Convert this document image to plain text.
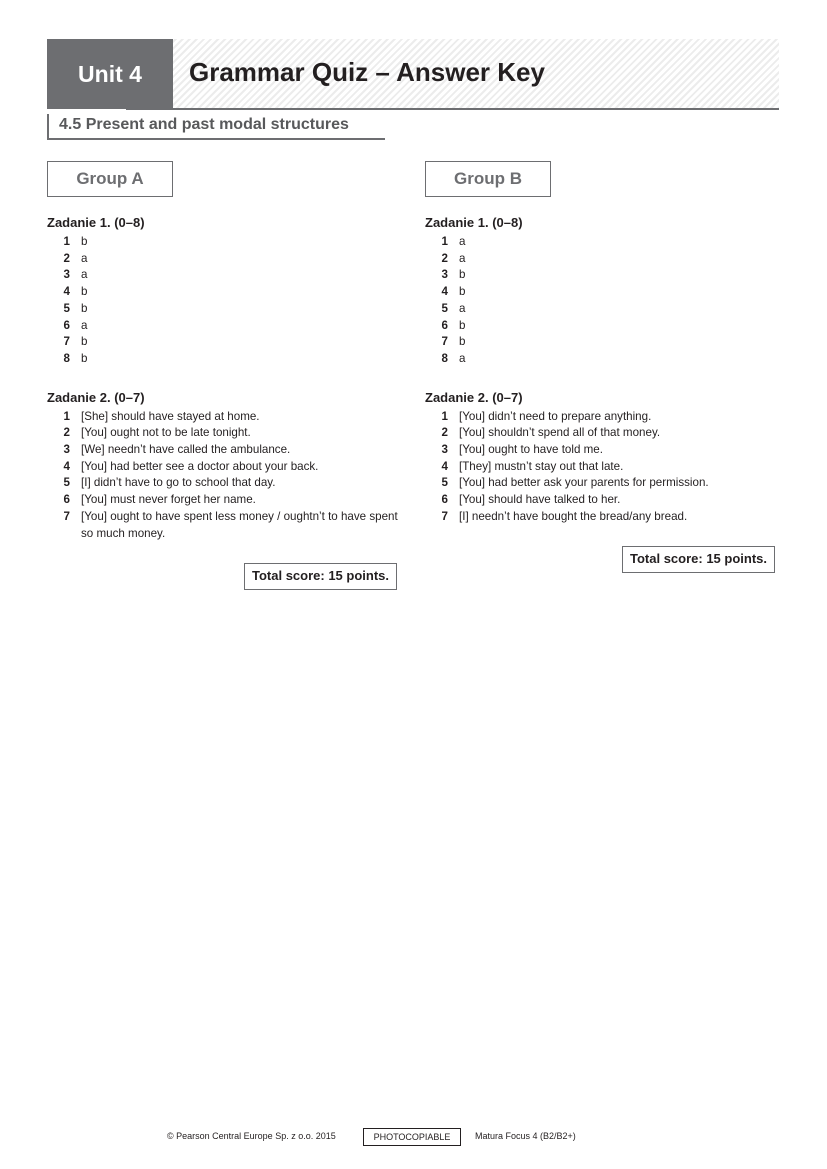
Unit 4	Grammar Quiz – Answer Key
4.5 Present and past modal structures
Group A	Group B
Zadanie 1. (0–8)
1 b
2 a
3 a
4 b
5 b
6 a
7 b
8 b
Zadanie 2. (0–7)
1 [She] should have stayed at home.
2 [You] ought not to be late tonight.
3 [We] needn’t have called the ambulance.
4 [You] had better see a doctor about your back.
5 [I] didn’t have to go to school that day.
6 [You] must never forget her name.
7 [You] ought to have spent less money / oughtn’t to have spent so much money.
Zadanie 1. (0–8)
1 a
2 a
3 b
4 b
5 a
6 b
7 b
8 a
Zadanie 2. (0–7)
1 [You] didn’t need to prepare anything.
2 [You] shouldn’t spend all of that money.
3 [You] ought to have told me.
4 [They] mustn’t stay out that late.
5 [You] had better ask your parents for permission.
6 [You] should have talked to her.
7 [I] needn’t have bought the bread/any bread.
Total score: 15 points.
Total score: 15 points.
© Pearson Central Europe Sp. z o.o. 2015	PHOTOCOPIABLE	Matura Focus 4 (B2/B2+)
